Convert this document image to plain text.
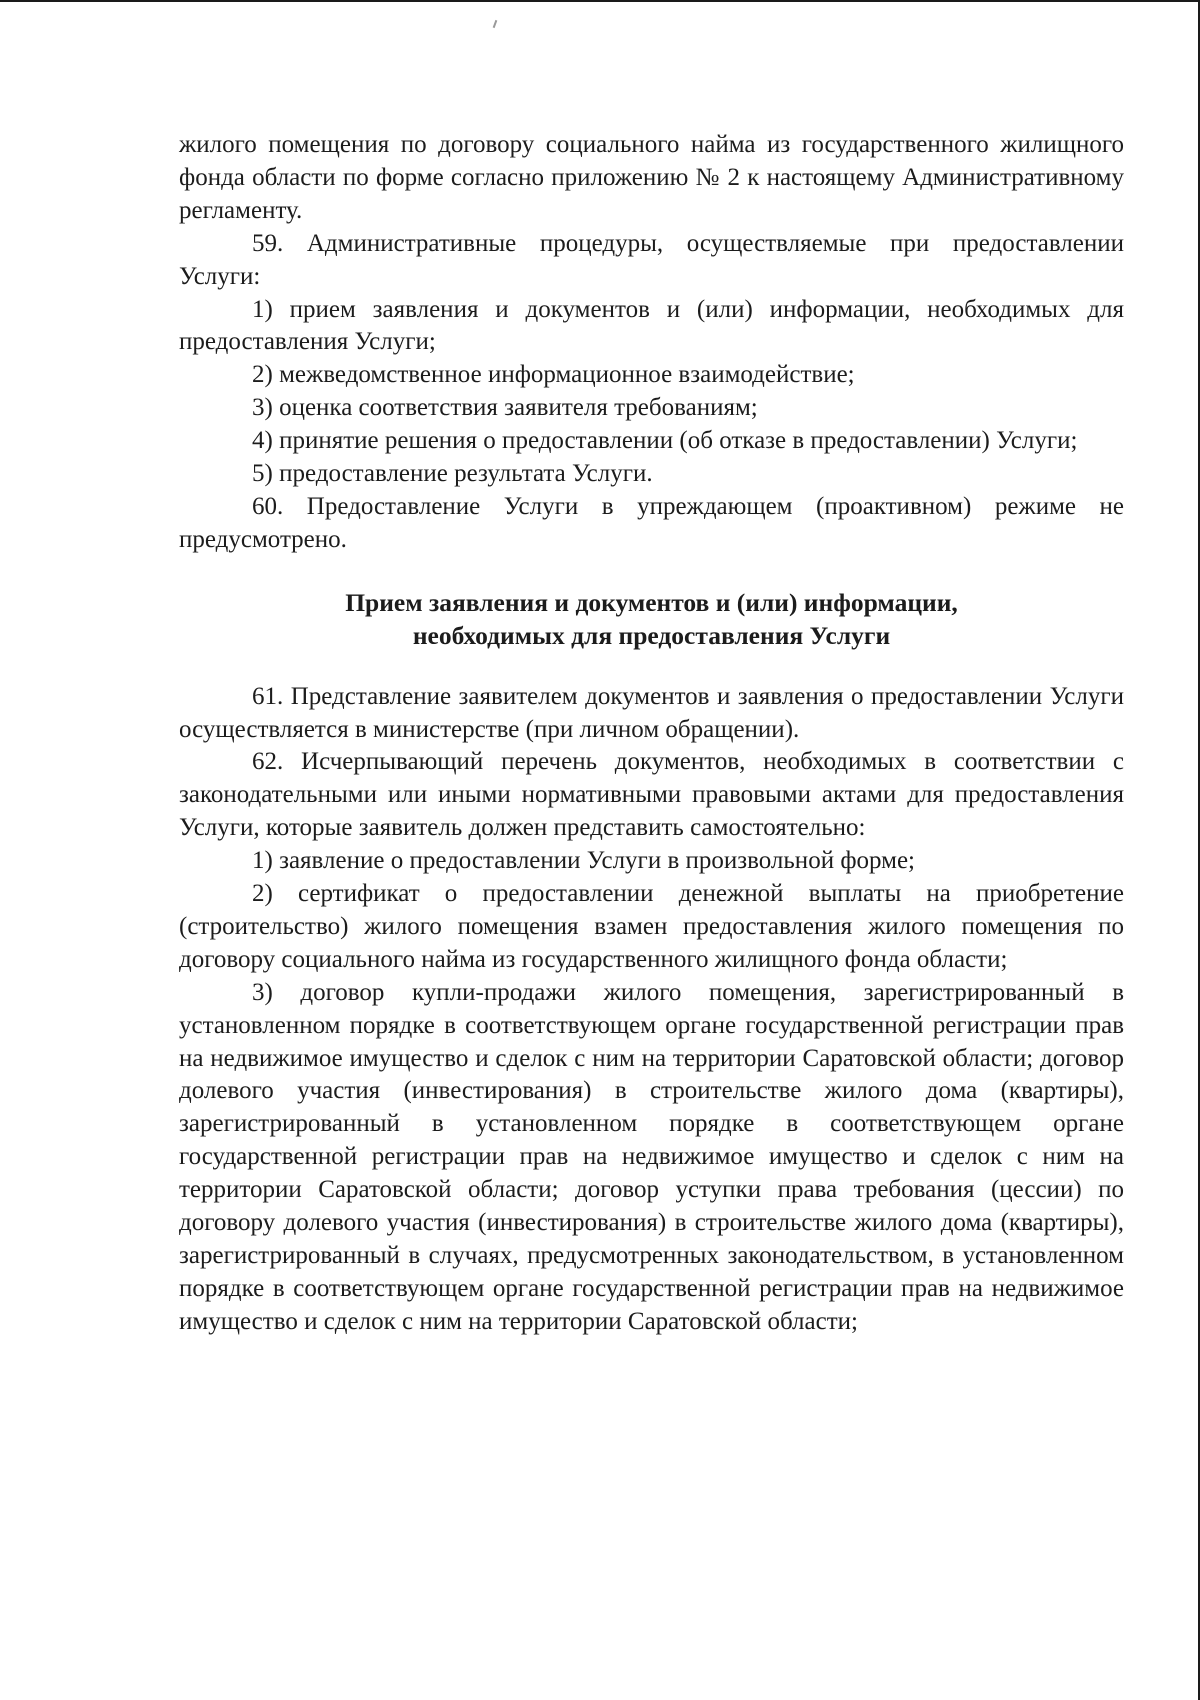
жилого помещения по договору социального найма из государственного жилищного фонда области по форме согласно приложению № 2 к настоящему Административному регламенту.

59. Административные процедуры, осуществляемые при предоставлении Услуги:

1) прием заявления и документов и (или) информации, необходимых для предоставления Услуги;

2) межведомственное информационное взаимодействие;

3) оценка соответствия заявителя требованиям;

4) принятие решения о предоставлении (об отказе в предоставлении) Услуги;

5) предоставление результата Услуги.

60. Предоставление Услуги в упреждающем (проактивном) режиме не предусмотрено.

Прием заявления и документов и (или) информации,
необходимых для предоставления Услуги

61. Представление заявителем документов и заявления о предоставлении Услуги осуществляется в министерстве (при личном обращении).

62. Исчерпывающий перечень документов, необходимых в соответствии с законодательными или иными нормативными правовыми актами для предоставления Услуги, которые заявитель должен представить самостоятельно:

1) заявление о предоставлении Услуги в произвольной форме;

2) сертификат о предоставлении денежной выплаты на приобретение (строительство) жилого помещения взамен предоставления жилого помещения по договору социального найма из государственного жилищного фонда области;

3) договор купли-продажи жилого помещения, зарегистрированный в установленном порядке в соответствующем органе государственной регистрации прав на недвижимое имущество и сделок с ним на территории Саратовской области; договор долевого участия (инвестирования) в строительстве жилого дома (квартиры), зарегистрированный в установленном порядке в соответствующем органе государственной регистрации прав на недвижимое имущество и сделок с ним на территории Саратовской области; договор уступки права требования (цессии) по договору долевого участия (инвестирования) в строительстве жилого дома (квартиры), зарегистрированный в случаях, предусмотренных законодательством, в установленном порядке в соответствующем органе государственной регистрации прав на недвижимое имущество и сделок с ним на территории Саратовской области;
